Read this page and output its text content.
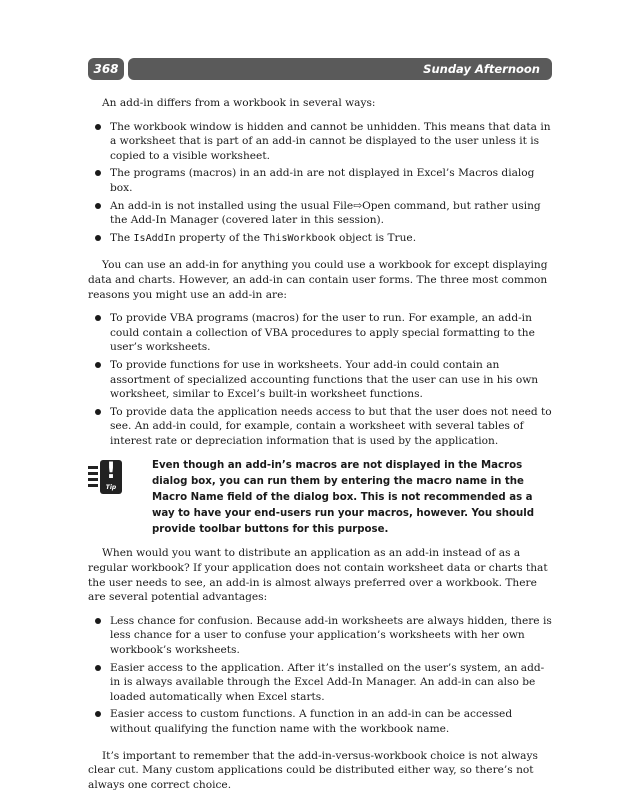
368	Sunday Afternoon

An add-in differs from a workbook in several ways:

The workbook window is hidden and cannot be unhidden. This means that data in a worksheet that is part of an add-in cannot be displayed to the user unless it is copied to a visible worksheet.
The programs (macros) in an add-in are not displayed in Excel’s Macros dialog box.
An add-in is not installed using the usual File⇨Open command, but rather using the Add-In Manager (covered later in this session).
The IsAddIn property of the ThisWorkbook object is True.

You can use an add-in for anything you could use a workbook for except displaying data and charts. However, an add-in can contain user forms. The three most common reasons you might use an add-in are:

To provide VBA programs (macros) for the user to run. For example, an add-in could contain a collection of VBA procedures to apply special formatting to the user’s worksheets.
To provide functions for use in worksheets. Your add-in could contain an assortment of specialized accounting functions that the user can use in his own worksheet, similar to Excel’s built-in worksheet functions.
To provide data the application needs access to but that the user does not need to see. An add-in could, for example, contain a worksheet with several tables of interest rate or depreciation information that is used by the application.
!
Tip
Even though an add-in’s macros are not displayed in the Macros dialog box, you can run them by entering the macro name in the Macro Name field of the dialog box. This is not recommended as a way to have your end-users run your macros, however. You should provide toolbar buttons for this purpose.

When would you want to distribute an application as an add-in instead of as a regular workbook? If your application does not contain worksheet data or charts that the user needs to see, an add-in is almost always preferred over a workbook. There are several potential advantages:

Less chance for confusion. Because add-in worksheets are always hidden, there is less chance for a user to confuse your application’s worksheets with her own workbook’s worksheets.
Easier access to the application. After it’s installed on the user’s system, an add-in is always available through the Excel Add-In Manager. An add-in can also be loaded automatically when Excel starts.
Easier access to custom functions. A function in an add-in can be accessed without qualifying the function name with the workbook name.

It’s important to remember that the add-in-versus-workbook choice is not always clear cut. Many custom applications could be distributed either way, so there’s not always one correct choice.
